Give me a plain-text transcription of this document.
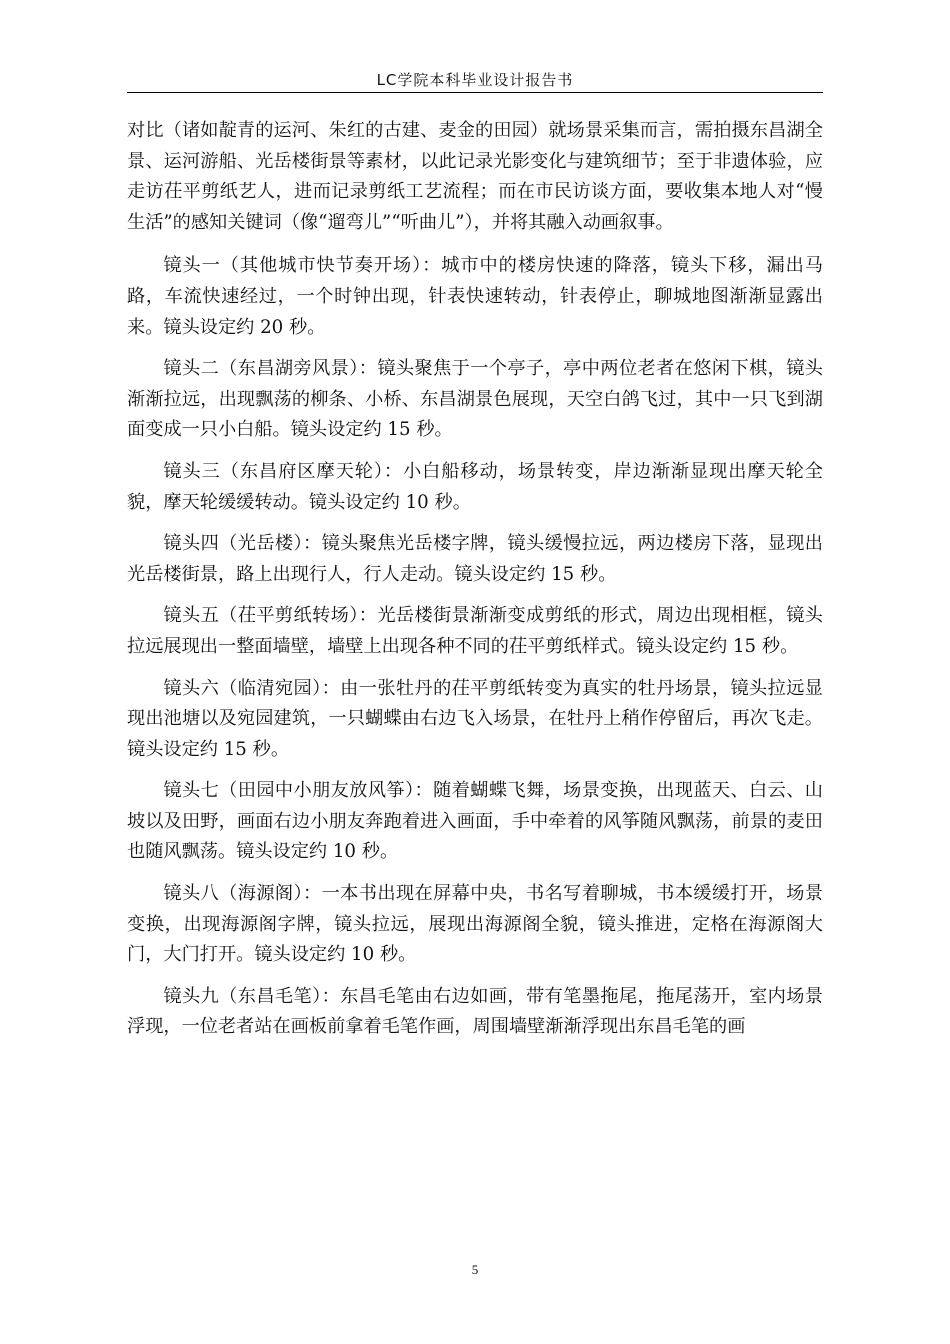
LC学院本科毕业设计报告书

对比（诸如靛青的运河、朱红的古建、麦金的田园）就场景采集而言，需拍摄东昌湖全景、运河游船、光岳楼街景等素材，以此记录光影变化与建筑细节；至于非遗体验，应走访茌平剪纸艺人，进而记录剪纸工艺流程；而在市民访谈方面，要收集本地人对“慢生活”的感知关键词（像“遛弯儿”“听曲儿”），并将其融入动画叙事。

镜头一（其他城市快节奏开场）：城市中的楼房快速的降落，镜头下移，漏出马路，车流快速经过，一个时钟出现，针表快速转动，针表停止，聊城地图渐渐显露出来。镜头设定约 20 秒。

镜头二（东昌湖旁风景）：镜头聚焦于一个亭子，亭中两位老者在悠闲下棋，镜头渐渐拉远，出现飘荡的柳条、小桥、东昌湖景色展现，天空白鸽飞过，其中一只飞到湖面变成一只小白船。镜头设定约 15 秒。

镜头三（东昌府区摩天轮）：小白船移动，场景转变，岸边渐渐显现出摩天轮全貌，摩天轮缓缓转动。镜头设定约 10 秒。

镜头四（光岳楼）：镜头聚焦光岳楼字牌，镜头缓慢拉远，两边楼房下落，显现出光岳楼街景，路上出现行人，行人走动。镜头设定约 15 秒。

镜头五（茌平剪纸转场）：光岳楼街景渐渐变成剪纸的形式，周边出现相框，镜头拉远展现出一整面墙壁，墙壁上出现各种不同的茌平剪纸样式。镜头设定约 15 秒。

镜头六（临清宛园）：由一张牡丹的茌平剪纸转变为真实的牡丹场景，镜头拉远显现出池塘以及宛园建筑，一只蝴蝶由右边飞入场景，在牡丹上稍作停留后，再次飞走。镜头设定约 15 秒。

镜头七（田园中小朋友放风筝）：随着蝴蝶飞舞，场景变换，出现蓝天、白云、山坡以及田野，画面右边小朋友奔跑着进入画面，手中牵着的风筝随风飘荡，前景的麦田也随风飘荡。镜头设定约 10 秒。

镜头八（海源阁）：一本书出现在屏幕中央，书名写着聊城，书本缓缓打开，场景变换，出现海源阁字牌，镜头拉远，展现出海源阁全貌，镜头推进，定格在海源阁大门，大门打开。镜头设定约 10 秒。

镜头九（东昌毛笔）：东昌毛笔由右边如画，带有笔墨拖尾，拖尾荡开，室内场景浮现，一位老者站在画板前拿着毛笔作画，周围墙壁渐渐浮现出东昌毛笔的画

5
